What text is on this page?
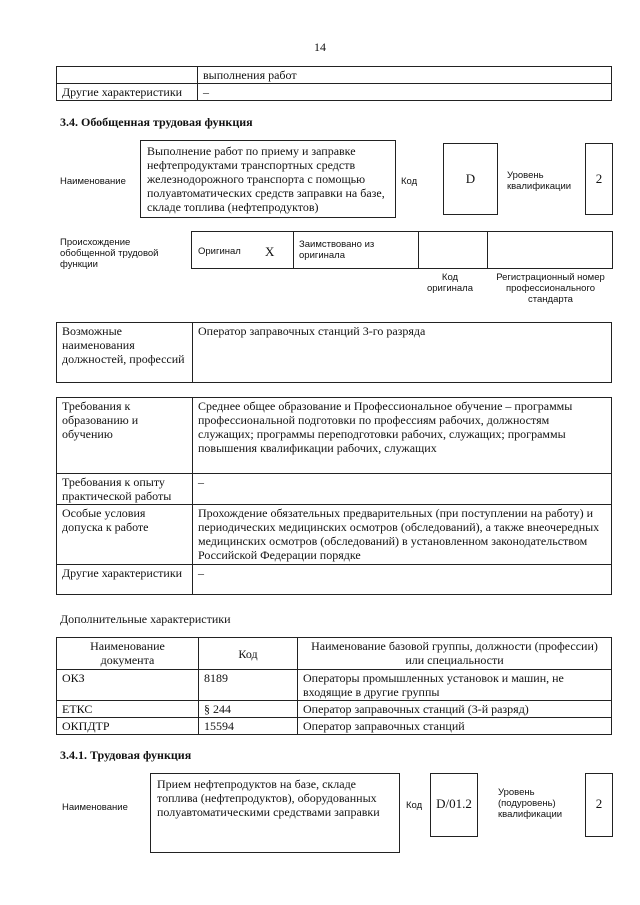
14
	выполнения работ
Другие характеристики	–
3.4. Обобщенная трудовая функция
Наименование
Выполнение работ по приему и заправке нефтепродуктами транспортных средств железнодорожного транспорта с помощью полуавтоматических средств заправки на базе, складе топлива (нефтепродуктов)
Код	D	Уровень квалификации
2
Происхождение обобщенной трудовой функции
Оригинал X	Заимствовано из оригинала
Код оригинала
Регистрационный номер профессионального стандарта
Возможные наименования должностей, профессий	Оператор заправочных станций 3-го разряда
Требования к образованию и обучению	Среднее общее образование и Профессиональное обучение – программы профессиональной подготовки по профессиям рабочих, должностям служащих; программы переподготовки рабочих, служащих; программы повышения квалификации рабочих, служащих
Требования к опыту практической работы	–
Особые условия допуска к работе	Прохождение обязательных предварительных (при поступлении на работу) и периодических медицинских осмотров (обследований), а также внеочередных медицинских осмотров (обследований) в установленном законодательством Российской Федерации порядке
Другие характеристики	–
Дополнительные характеристики
Наименование документа	Код	Наименование базовой группы, должности (профессии) или специальности
ОКЗ	8189	Операторы промышленных установок и машин, не входящие в другие группы
ЕТКС	§ 244	Оператор заправочных станций (3-й разряд)
ОКПДТР	15594	Оператор заправочных станций
3.4.1. Трудовая функция
Наименование
Прием нефтепродуктов на базе, складе топлива (нефтепродуктов), оборудованных полуавтоматическими средствами заправки	Код	D/01.2
Уровень (подуровень) квалификации
2
